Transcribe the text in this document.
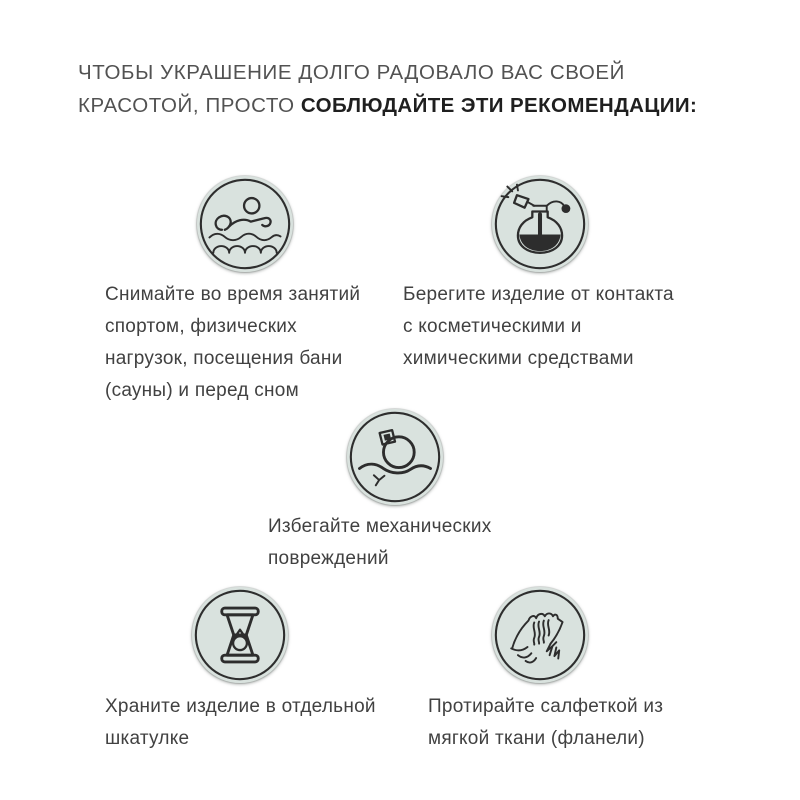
ЧТОБЫ УКРАШЕНИЕ ДОЛГО РАДОВАЛО ВАС СВОЕЙ
КРАСОТОЙ, ПРОСТО СОБЛЮДАЙТЕ ЭТИ РЕКОМЕНДАЦИИ:
Снимайте во время занятий
спортом, физических
нагрузок, посещения бани
(сауны) и перед сном
Берегите изделие от контакта
с косметическими и
химическими средствами
Избегайте механических
повреждений
Храните изделие в отдельной
шкатулке
Протирайте салфеткой из
мягкой ткани (фланели)
